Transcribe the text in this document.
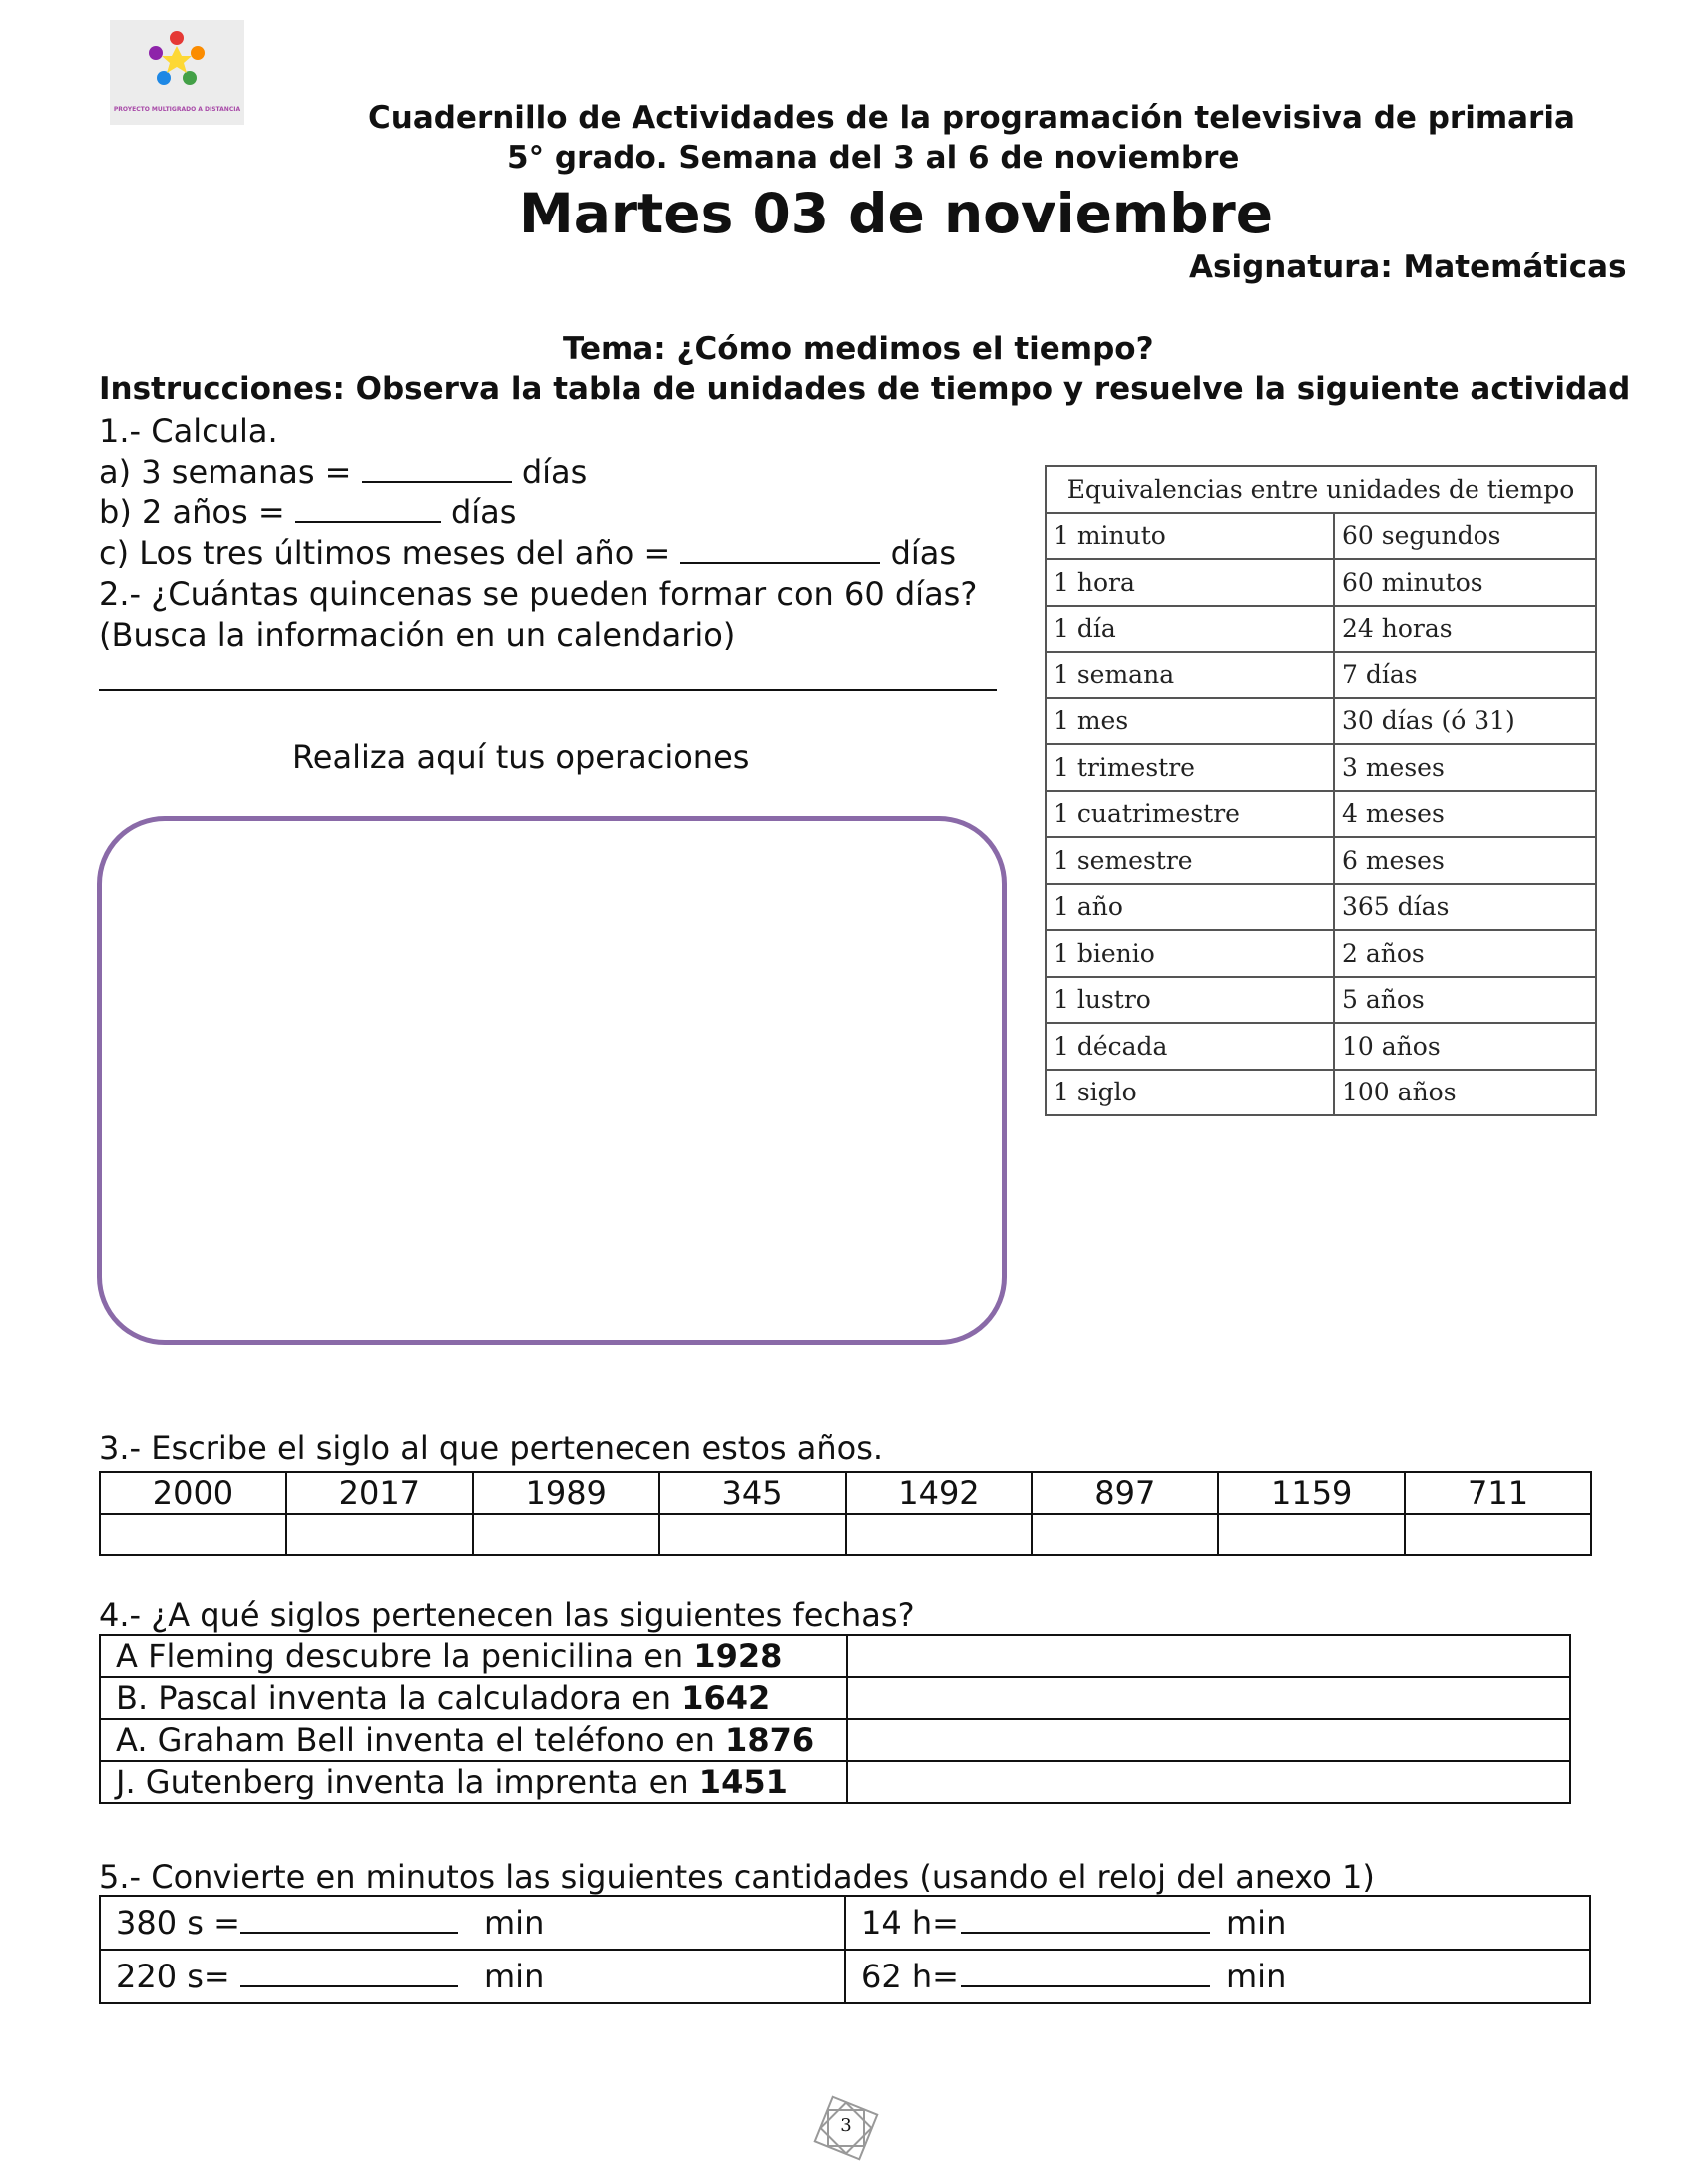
PROYECTO MULTIGRADO A DISTANCIA	Cuadernillo de Actividades de la programación televisiva de primaria
5° grado. Semana del 3 al 6 de noviembre
Martes 03 de noviembre
Asignatura: Matemáticas
Tema: ¿Cómo medimos el tiempo?
Instrucciones: Observa la tabla de unidades de tiempo y resuelve la siguiente actividad
1.- Calcula.
a) 3 semanas =	días
b) 2 años =	días
c) Los tres últimos meses del año =	días
2.- ¿Cuántas quincenas se pueden formar con 60 días?
(Busca la información en un calendario)
Realiza aquí tus operaciones
Equivalencias entre unidades de tiempo	
1 minuto	60 segundos
1 hora	60 minutos
1 día	24 horas
1 semana	7 días
1 mes	30 días (ó 31)
1 trimestre	3 meses
1 cuatrimestre	4 meses
1 semestre	6 meses
1 año	365 días
1 bienio	2 años
1 lustro	5 años
1 década	10 años
1 siglo	100 años
3.- Escribe el siglo al que pertenecen estos años.
2000	2017	1989	345	1492	897	1159	711

4.- ¿A qué siglos pertenecen las siguientes fechas?
A Fleming descubre la penicilina en 1928	
B. Pascal inventa la calculadora en 1642	
A. Graham Bell inventa el teléfono en 1876	
J. Gutenberg inventa la imprenta en 1451	
5.- Convierte en minutos las siguientes cantidades (usando el reloj del anexo 1)
380 s = min	14 h= min
220 s= min	62 h= min
3
